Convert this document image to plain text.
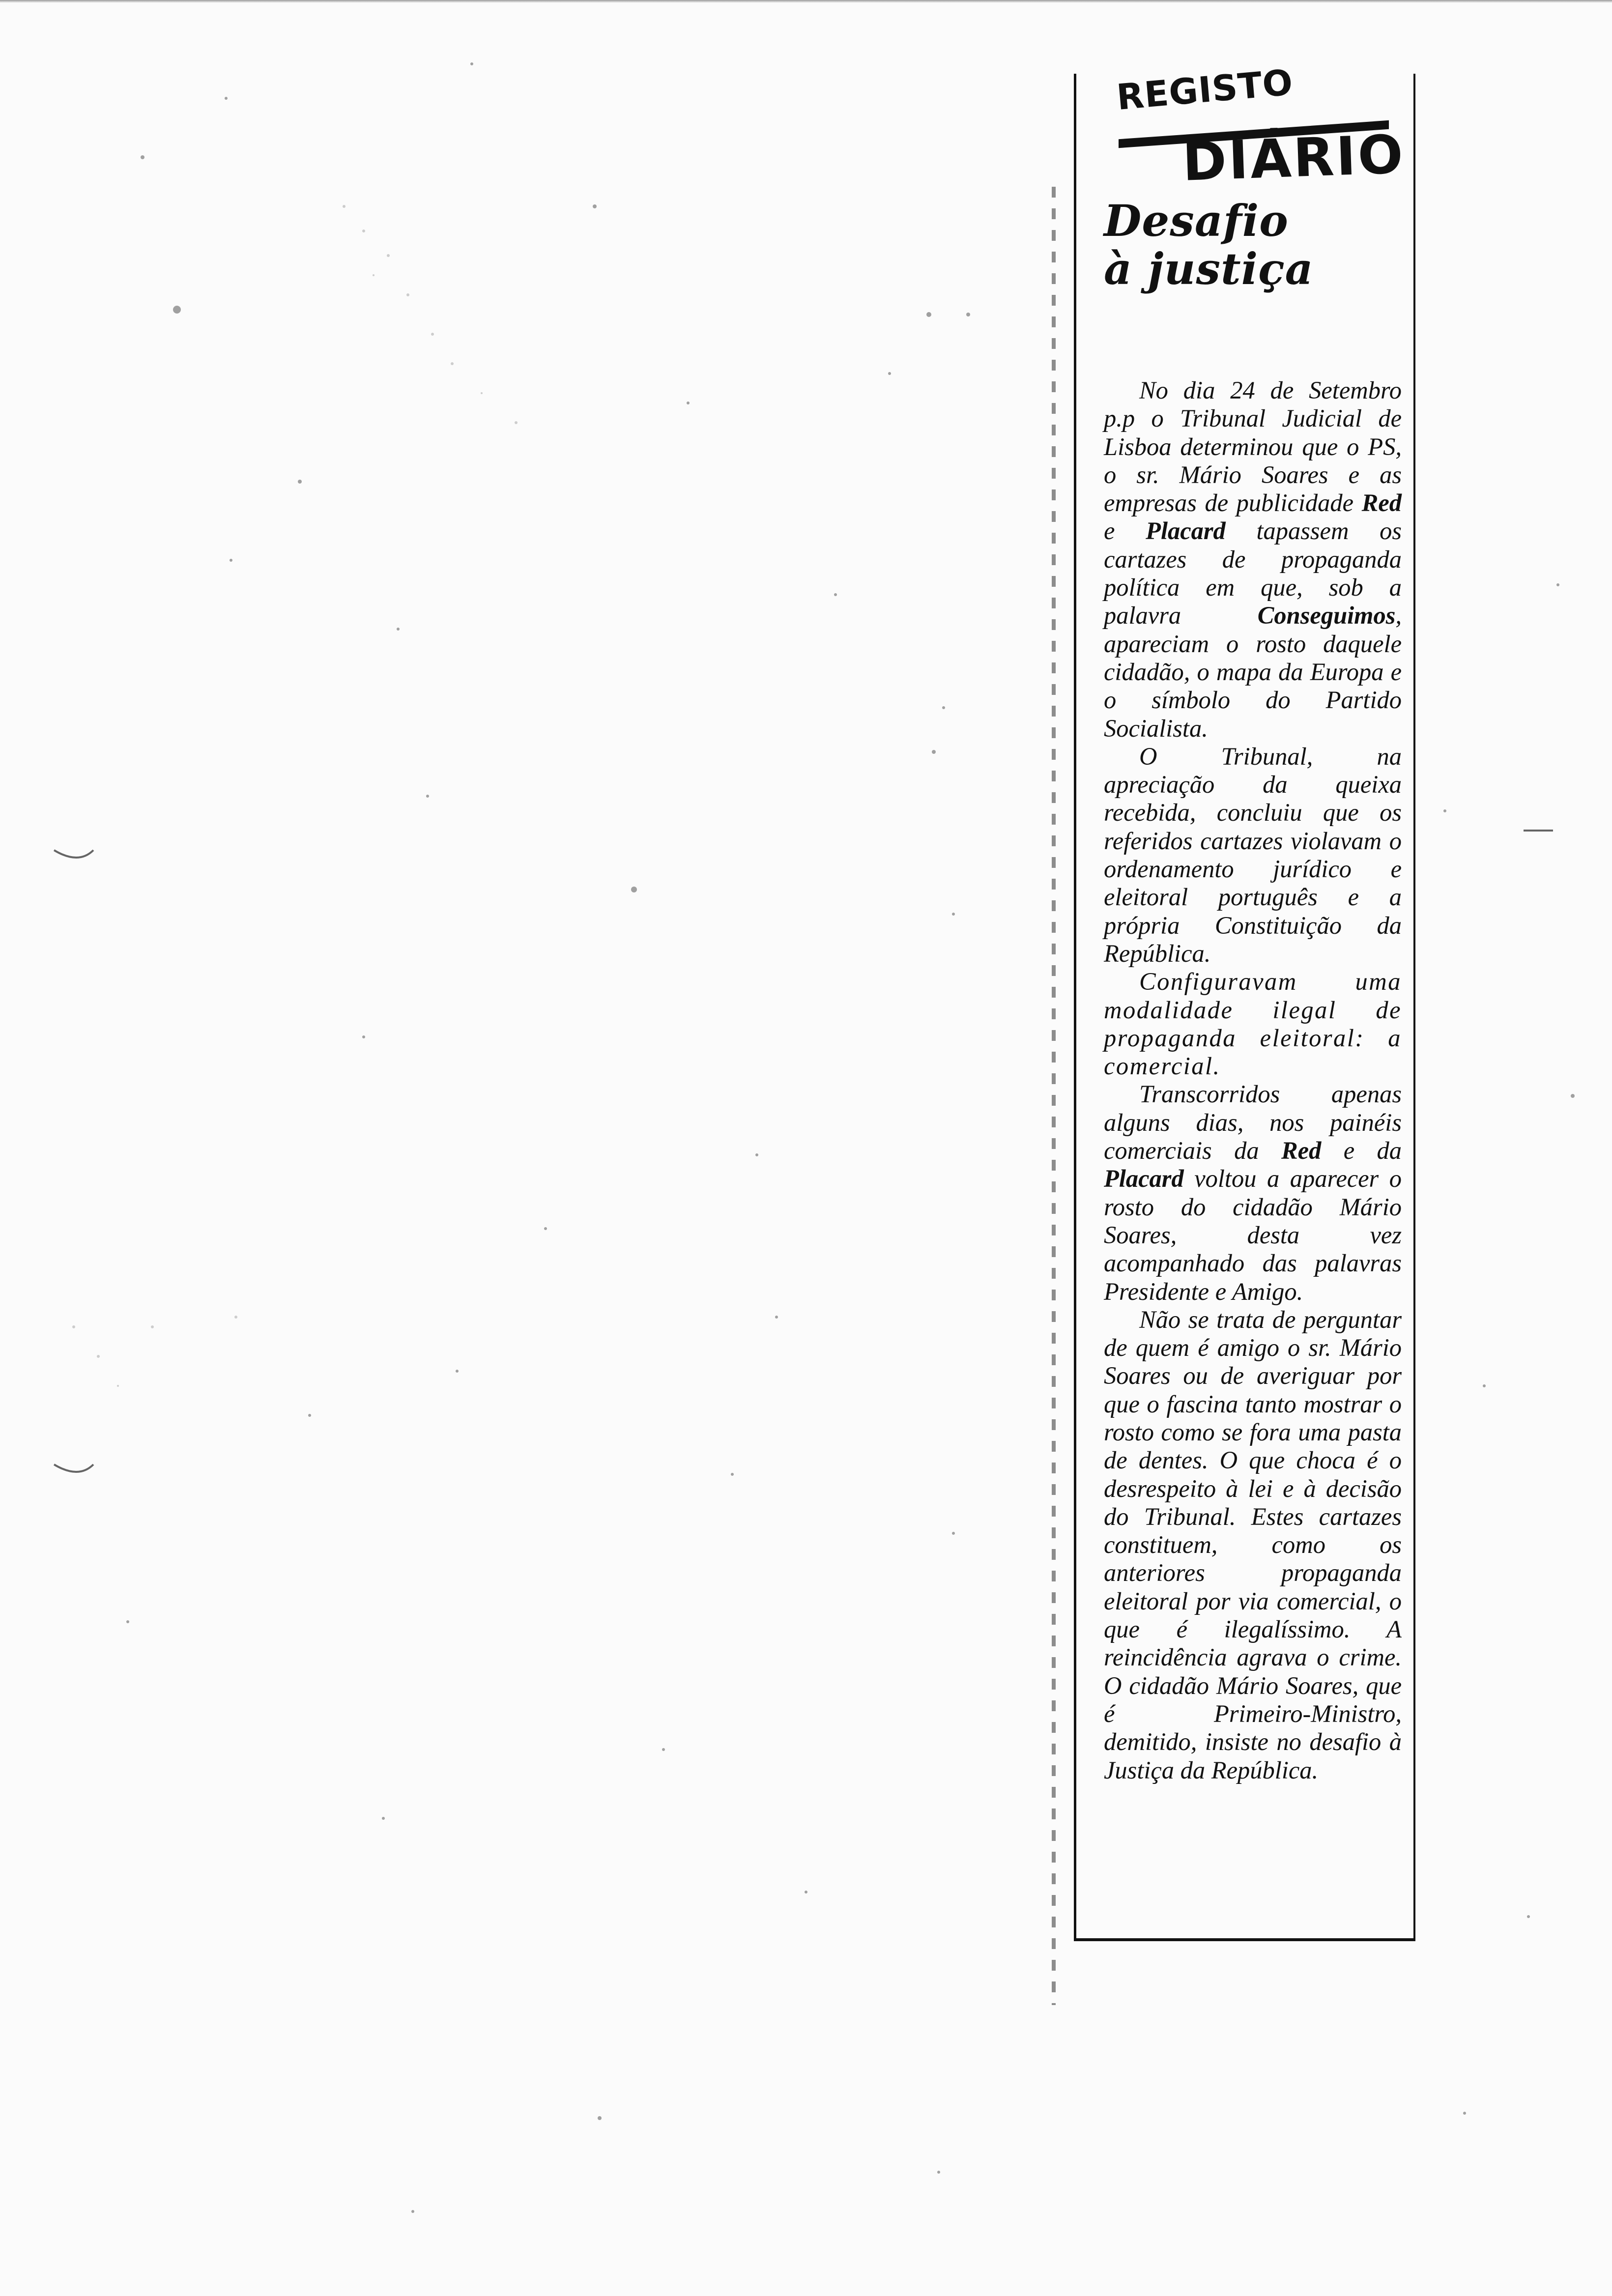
REGISTO

DIÁRIO

Desafio
à justiça

No dia 24 de Setembro p.p o Tribunal Judicial de Lisboa determinou que o PS, o sr. Mário Soares e as empresas de publicidade Red e Placard tapassem os cartazes de propaganda política em que, sob a palavra Conseguimos, apareciam o rosto daquele cidadão, o mapa da Europa e o símbolo do Partido Socialista.

O Tribunal, na apreciação da queixa recebida, concluiu que os referidos cartazes violavam o ordenamento jurídico e eleitoral português e a própria Constituição da República.

Configuravam uma modalidade ilegal de propaganda eleitoral: a comercial.

Transcorridos apenas alguns dias, nos painéis comerciais da Red e da Placard voltou a aparecer o rosto do cidadão Mário Soares, desta vez acompanhado das palavras Presidente e Amigo.

Não se trata de perguntar de quem é amigo o sr. Mário Soares ou de averiguar por que o fascina tanto mostrar o rosto como se fora uma pasta de dentes. O que choca é o desrespeito à lei e à decisão do Tribunal. Estes cartazes constituem, como os anteriores propaganda eleitoral por via comercial, o que é ilegalíssimo. A reincidência agrava o crime. O cidadão Mário Soares, que é Primeiro-Ministro, demitido, insiste no desafio à Justiça da República.
